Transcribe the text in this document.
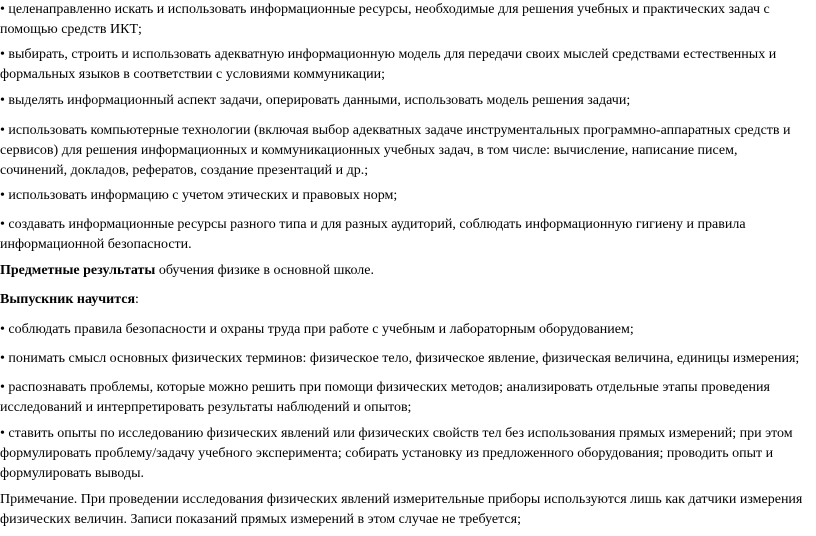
• целенаправленно искать и использовать информационные ресурсы, необходимые для решения учебных и практических задач с помощью средств ИКТ;

• выбирать, строить и использовать адекватную информационную модель для передачи своих мыслей средствами естественных и формальных языков в соответствии с условиями коммуникации;

• выделять информационный аспект задачи, оперировать данными, использовать модель решения задачи;

• использовать компьютерные технологии (включая выбор адекватных задаче инструментальных программно-аппаратных средств и сервисов) для решения информационных и коммуникационных учебных задач, в том числе: вычисление, написание писем, сочинений, докладов, рефератов, создание презентаций и др.;

• использовать информацию с учетом этических и правовых норм;

• создавать информационные ресурсы разного типа и для разных аудиторий, соблюдать информационную гигиену и правила информационной безопасности.

Предметные результаты обучения физике в основной школе.

Выпускник научится:

• соблюдать правила безопасности и охраны труда при работе с учебным и лабораторным оборудованием;

• понимать смысл основных физических терминов: физическое тело, физическое явление, физическая величина, единицы измерения;

• распознавать проблемы, которые можно решить при помощи физических методов; анализировать отдельные этапы проведения исследований и интерпретировать результаты наблюдений и опытов;

• ставить опыты по исследованию физических явлений или физических свойств тел без использования прямых измерений; при этом формулировать проблему/задачу учебного эксперимента; собирать установку из предложенного оборудования; проводить опыт и формулировать выводы.

Примечание. При проведении исследования физических явлений измерительные приборы используются лишь как датчики измерения физических величин. Записи показаний прямых измерений в этом случае не требуется;
